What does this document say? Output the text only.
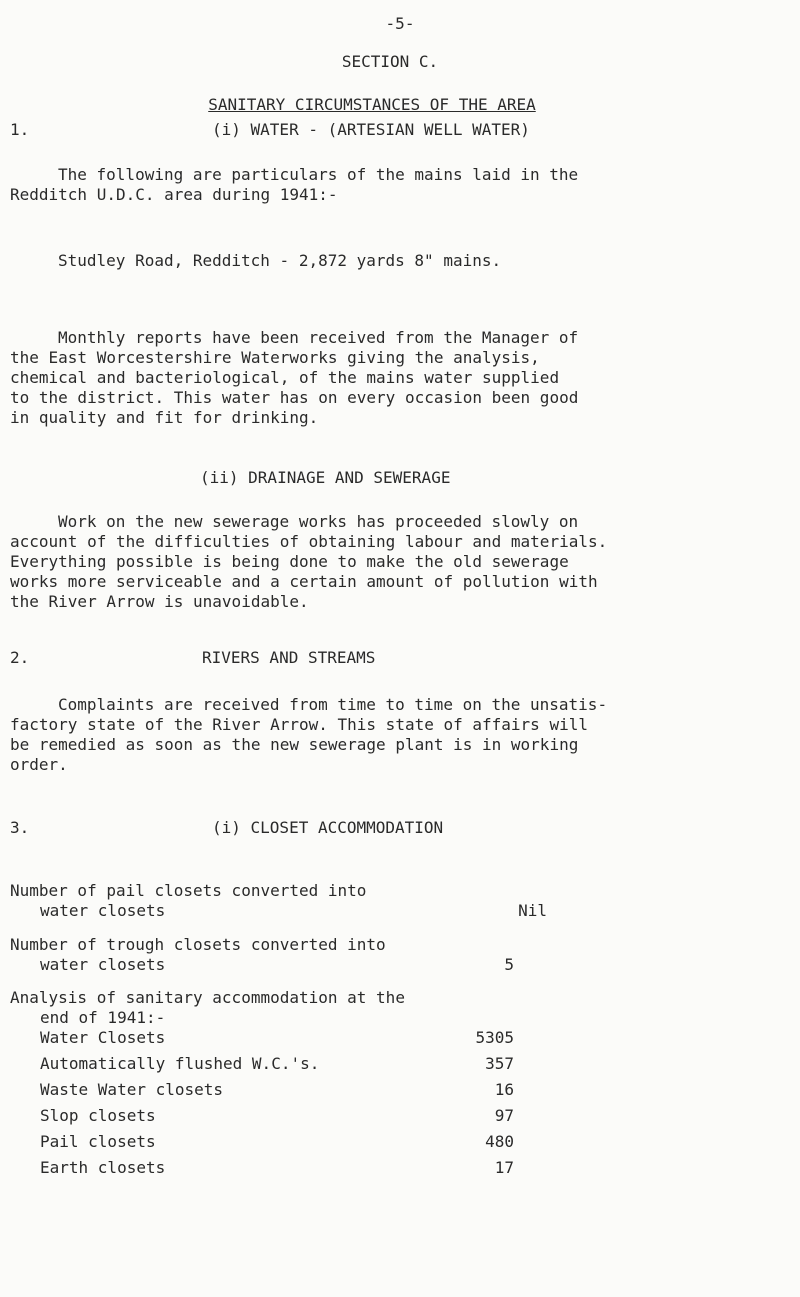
-5-
SECTION C.
SANITARY CIRCUMSTANCES OF THE AREA
1.	(i) WATER - (ARTESIAN WELL WATER)
The following are particulars of the mains laid in the
Redditch U.D.C. area during 1941:-
Studley Road, Redditch - 2,872 yards 8" mains.
Monthly reports have been received from the Manager of
the East Worcestershire Waterworks giving the analysis,
chemical and bacteriological, of the mains water supplied
to the district. This water has on every occasion been good
in quality and fit for drinking.
(ii) DRAINAGE AND SEWERAGE
Work on the new sewerage works has proceeded slowly on
account of the difficulties of obtaining labour and materials.
Everything possible is being done to make the old sewerage
works more serviceable and a certain amount of pollution with
the River Arrow is unavoidable.
2.	RIVERS AND STREAMS
Complaints are received from time to time on the unsatis-
factory state of the River Arrow. This state of affairs will
be remedied as soon as the new sewerage plant is in working
order.
3.	(i) CLOSET ACCOMMODATION
Number of pail closets converted into
water closets	Nil
Number of trough closets converted into
water closets	5
Analysis of sanitary accommodation at the
end of 1941:-
Water Closets	5305
Automatically flushed W.C.'s.	357
Waste Water closets	16
Slop closets	97
Pail closets	480
Earth closets	17
